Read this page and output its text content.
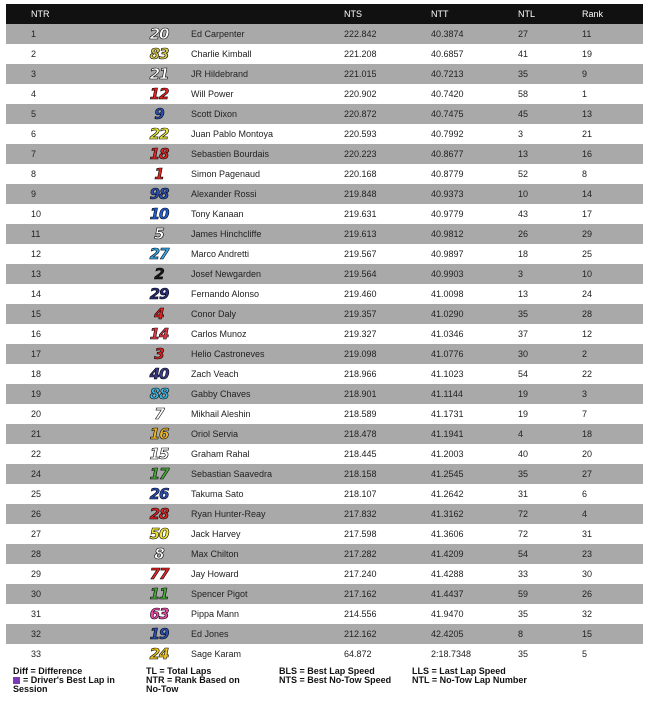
NTR			NTS	NTT	NTL	Rank
1	20	Ed Carpenter	222.842	40.3874	27	11
2	83	Charlie Kimball	221.208	40.6857	41	19
3	21	JR Hildebrand	221.015	40.7213	35	9
4	12	Will Power	220.902	40.7420	58	1
5	9	Scott Dixon	220.872	40.7475	45	13
6	22	Juan Pablo Montoya	220.593	40.7992	3	21
7	18	Sebastien Bourdais	220.223	40.8677	13	16
8	1	Simon Pagenaud	220.168	40.8779	52	8
9	98	Alexander Rossi	219.848	40.9373	10	14
10	10	Tony Kanaan	219.631	40.9779	43	17
11	5	James Hinchcliffe	219.613	40.9812	26	29
12	27	Marco Andretti	219.567	40.9897	18	25
13	2	Josef Newgarden	219.564	40.9903	3	10
14	29	Fernando Alonso	219.460	41.0098	13	24
15	4	Conor Daly	219.357	41.0290	35	28
16	14	Carlos Munoz	219.327	41.0346	37	12
17	3	Helio Castroneves	219.098	41.0776	30	2
18	40	Zach Veach	218.966	41.1023	54	22
19	88	Gabby Chaves	218.901	41.1144	19	3
20	7	Mikhail Aleshin	218.589	41.1731	19	7
21	16	Oriol Servia	218.478	41.1941	4	18
22	15	Graham Rahal	218.445	41.2003	40	20
24	17	Sebastian Saavedra	218.158	41.2545	35	27
25	26	Takuma Sato	218.107	41.2642	31	6
26	28	Ryan Hunter-Reay	217.832	41.3162	72	4
27	50	Jack Harvey	217.598	41.3606	72	31
28	8	Max Chilton	217.282	41.4209	54	23
29	77	Jay Howard	217.240	41.4288	33	30
30	11	Spencer Pigot	217.162	41.4437	59	26
31	63	Pippa Mann	214.556	41.9470	35	32
32	19	Ed Jones	212.162	42.4205	8	15
33	24	Sage Karam	64.872	2:18.7348	35	5
Diff = Difference
= Driver's Best Lap in Session
TL = Total Laps
NTR = Rank Based on No-Tow
BLS = Best Lap Speed
NTS = Best No-Tow Speed
LLS = Last Lap Speed
NTL = No-Tow Lap Number
